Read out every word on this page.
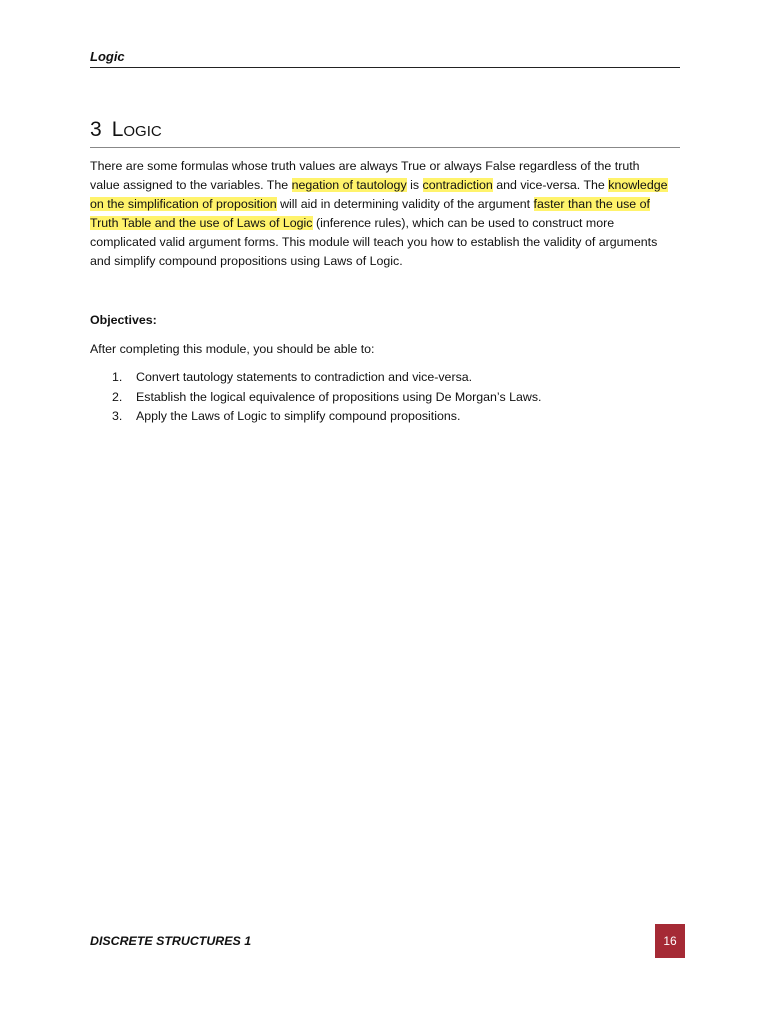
Logic
3 Logic

There are some formulas whose truth values are always True or always False regardless of the truth value assigned to the variables. The negation of tautology is contradiction and vice-versa. The knowledge on the simplification of proposition will aid in determining validity of the argument faster than the use of Truth Table and the use of Laws of Logic (inference rules), which can be used to construct more complicated valid argument forms. This module will teach you how to establish the validity of arguments and simplify compound propositions using Laws of Logic.

Objectives:

After completing this module, you should be able to:

1. Convert tautology statements to contradiction and vice-versa.
2. Establish the logical equivalence of propositions using De Morgan’s Laws.
3. Apply the Laws of Logic to simplify compound propositions.

DISCRETE STRUCTURES 1	16
